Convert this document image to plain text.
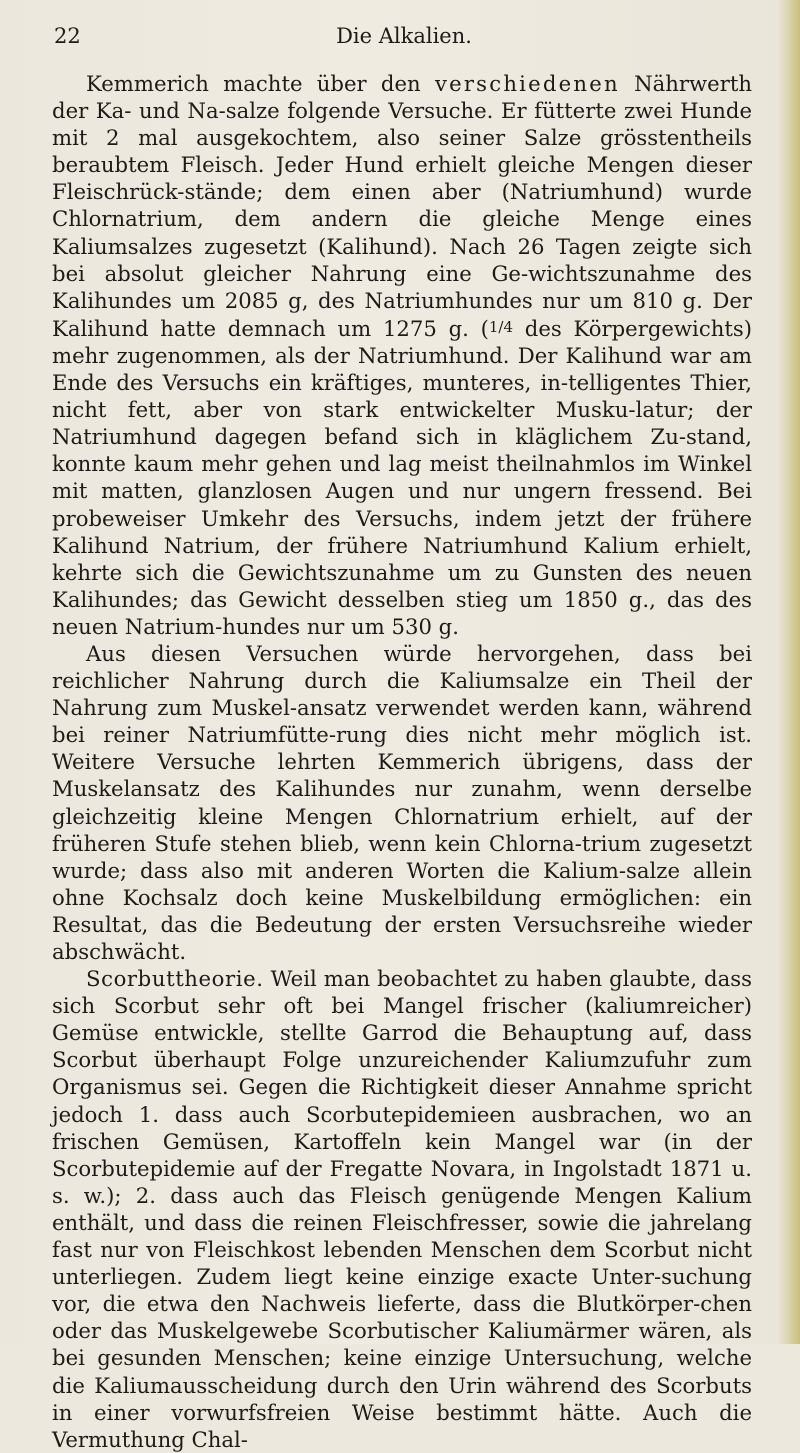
22	Die Alkalien.

Kemmerich machte über den verschiedenen Nährwerth der Ka- und Na-salze folgende Versuche. Er fütterte zwei Hunde mit 2 mal ausgekochtem, also seiner Salze grösstentheils beraubtem Fleisch. Jeder Hund erhielt gleiche Mengen dieser Fleischrück-stände; dem einen aber (Natriumhund) wurde Chlornatrium, dem andern die gleiche Menge eines Kaliumsalzes zugesetzt (Kalihund). Nach 26 Tagen zeigte sich bei absolut gleicher Nahrung eine Ge-wichtszunahme des Kalihundes um 2085 g, des Natriumhundes nur um 810 g. Der Kalihund hatte demnach um 1275 g. (1/4 des Körpergewichts) mehr zugenommen, als der Natriumhund. Der Kalihund war am Ende des Versuchs ein kräftiges, munteres, in-telligentes Thier, nicht fett, aber von stark entwickelter Musku-latur; der Natriumhund dagegen befand sich in kläglichem Zu-stand, konnte kaum mehr gehen und lag meist theilnahmlos im Winkel mit matten, glanzlosen Augen und nur ungern fressend. Bei probeweiser Umkehr des Versuchs, indem jetzt der frühere Kalihund Natrium, der frühere Natriumhund Kalium erhielt, kehrte sich die Gewichtszunahme um zu Gunsten des neuen Kalihundes; das Gewicht desselben stieg um 1850 g., das des neuen Natrium-hundes nur um 530 g.

Aus diesen Versuchen würde hervorgehen, dass bei reichlicher Nahrung durch die Kaliumsalze ein Theil der Nahrung zum Muskel-ansatz verwendet werden kann, während bei reiner Natriumfütte-rung dies nicht mehr möglich ist. Weitere Versuche lehrten Kemmerich übrigens, dass der Muskelansatz des Kalihundes nur zunahm, wenn derselbe gleichzeitig kleine Mengen Chlornatrium erhielt, auf der früheren Stufe stehen blieb, wenn kein Chlorna-trium zugesetzt wurde; dass also mit anderen Worten die Kalium-salze allein ohne Kochsalz doch keine Muskelbildung ermöglichen: ein Resultat, das die Bedeutung der ersten Versuchsreihe wieder abschwächt.

Scorbuttheorie. Weil man beobachtet zu haben glaubte, dass sich Scorbut sehr oft bei Mangel frischer (kaliumreicher) Gemüse entwickle, stellte Garrod die Behauptung auf, dass Scorbut überhaupt Folge unzureichender Kaliumzufuhr zum Organismus sei. Gegen die Richtigkeit dieser Annahme spricht jedoch 1. dass auch Scorbutepidemieen ausbrachen, wo an frischen Gemüsen, Kartoffeln kein Mangel war (in der Scorbutepidemie auf der Fregatte Novara, in Ingolstadt 1871 u. s. w.); 2. dass auch das Fleisch genügende Mengen Kalium enthält, und dass die reinen Fleischfresser, sowie die jahrelang fast nur von Fleischkost lebenden Menschen dem Scorbut nicht unterliegen. Zudem liegt keine einzige exacte Unter-suchung vor, die etwa den Nachweis lieferte, dass die Blutkörper-chen oder das Muskelgewebe Scorbutischer Kaliumärmer wären, als bei gesunden Menschen; keine einzige Untersuchung, welche die Kaliumausscheidung durch den Urin während des Scorbuts in einer vorwurfsfreien Weise bestimmt hätte. Auch die Vermuthung Chal-
